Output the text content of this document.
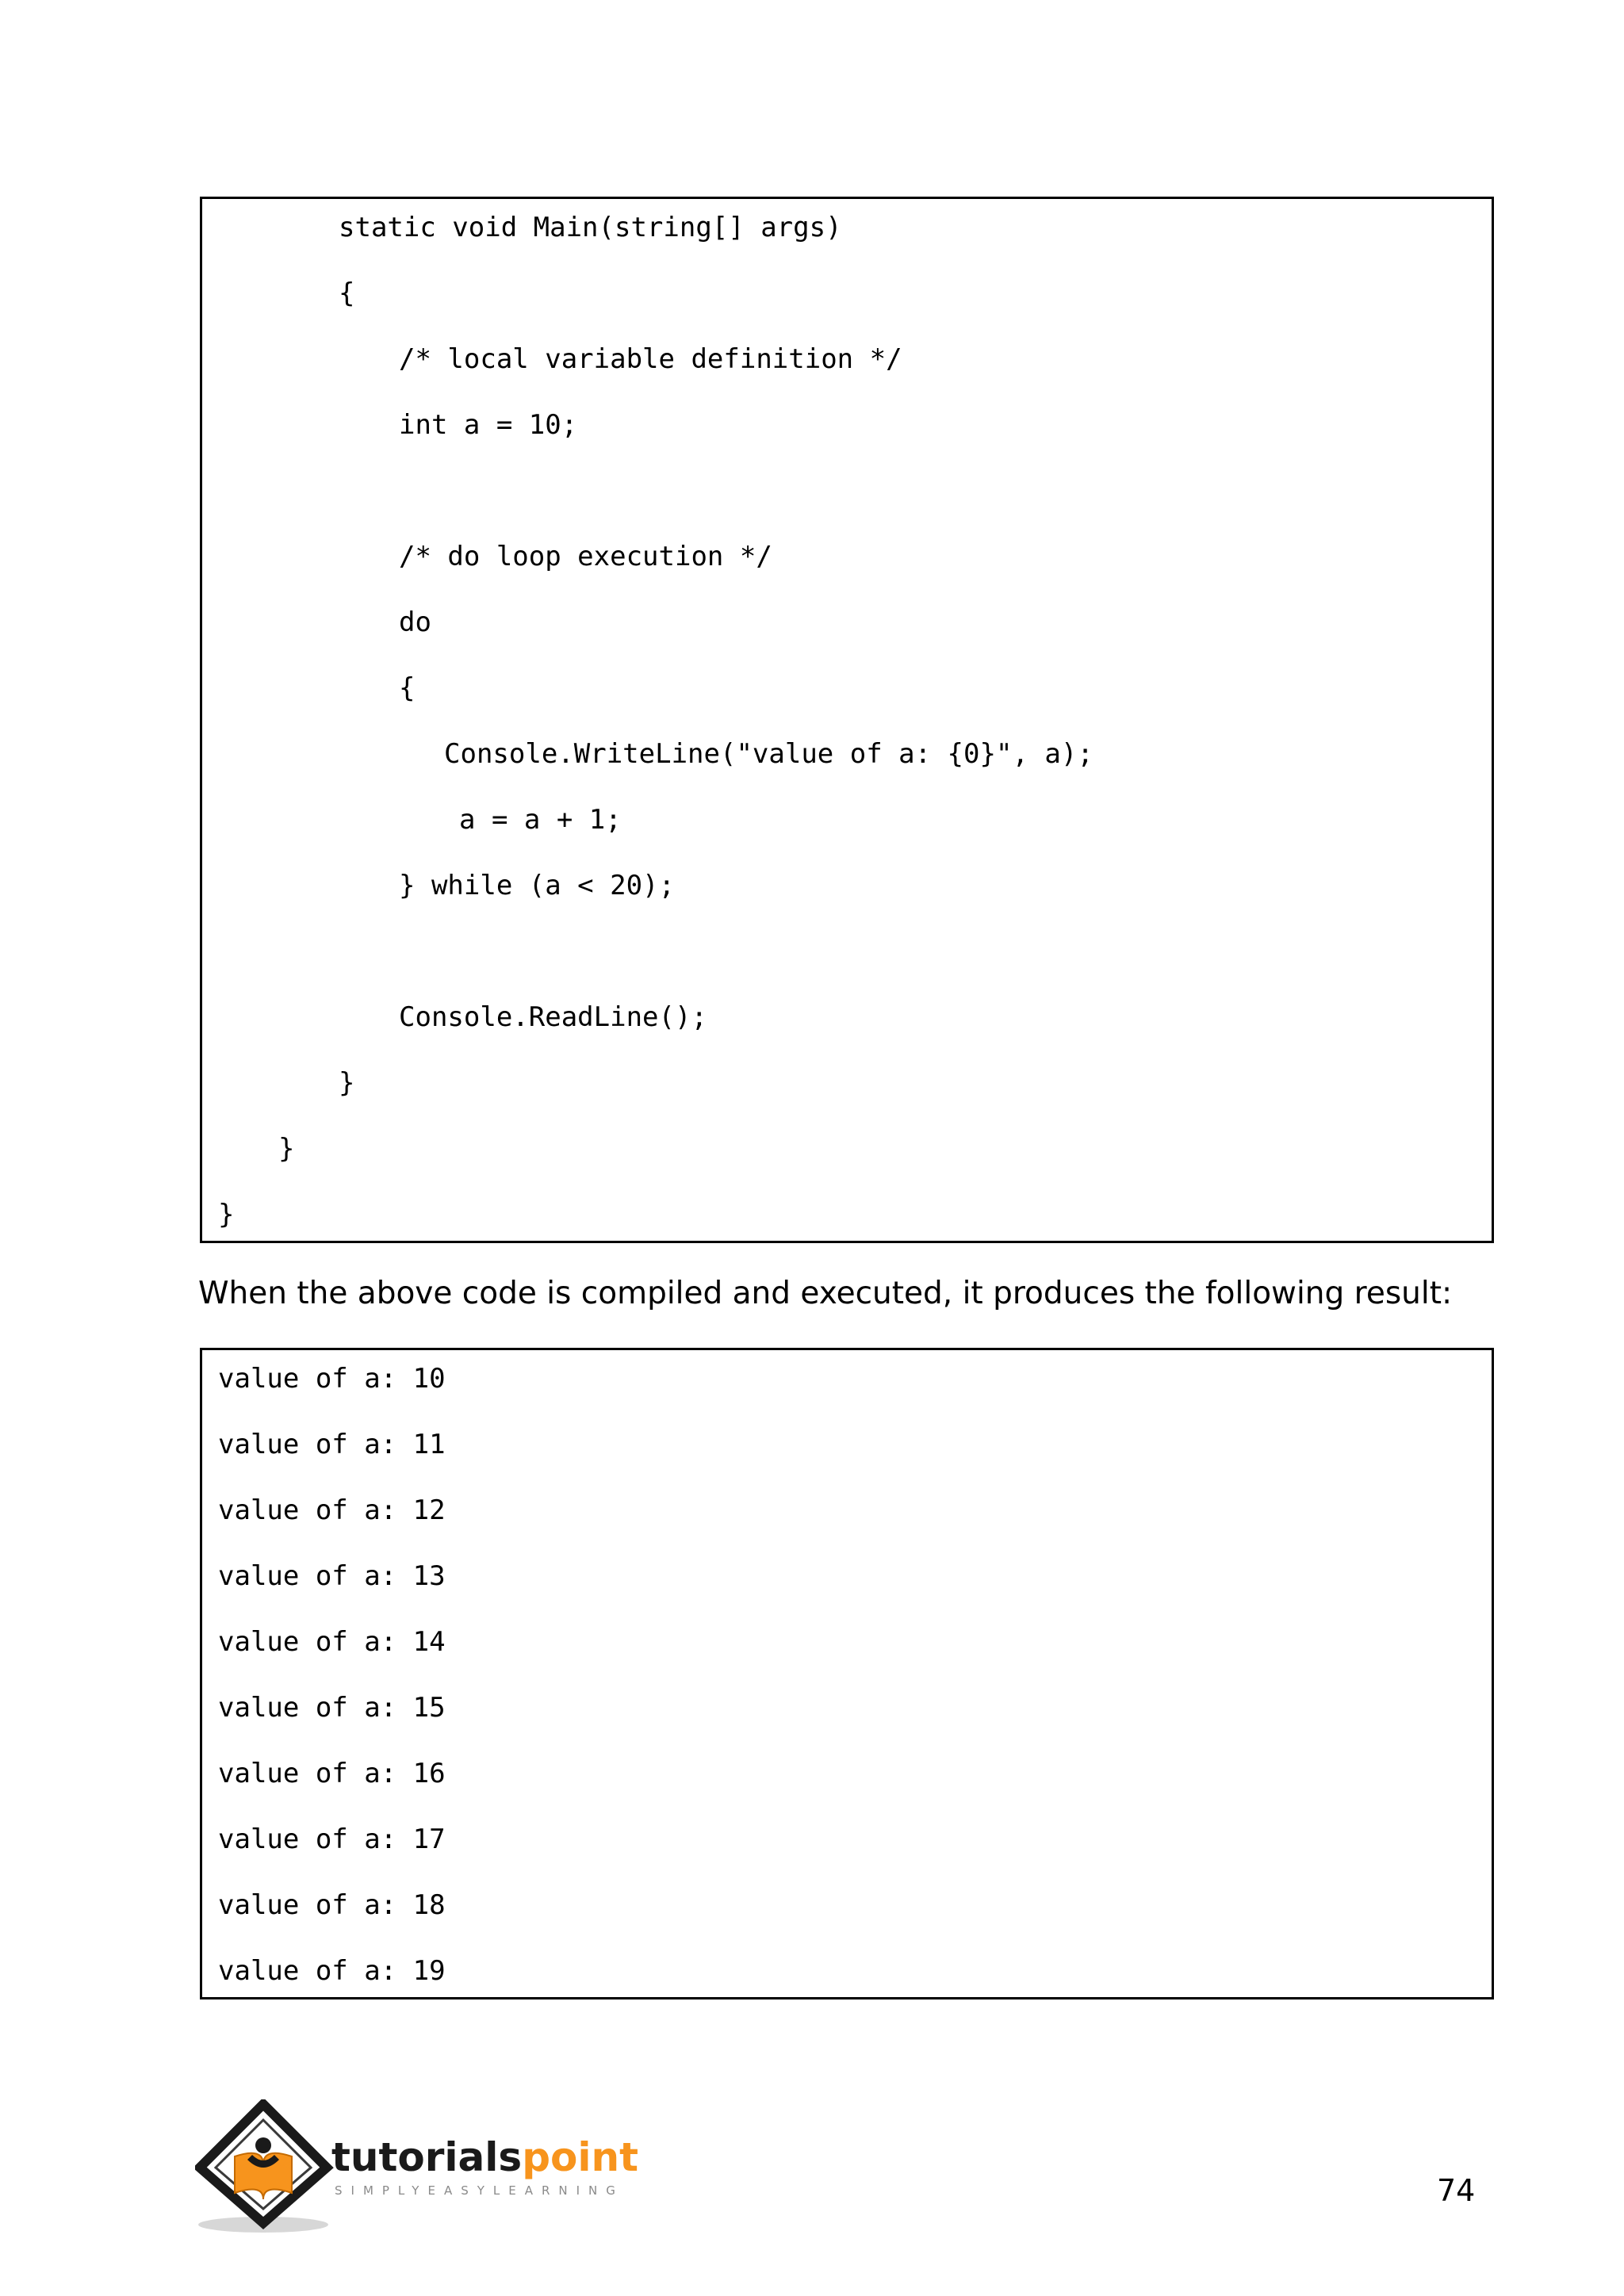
static void Main(string[] args)
{
/* local variable definition */
int a = 10;
/* do loop execution */
do
{
Console.WriteLine("value of a: {0}", a);
a = a + 1;
} while (a < 20);
Console.ReadLine();
}
}
}
When the above code is compiled and executed, it produces the following result:
value of a: 10
value of a: 11
value of a: 12
value of a: 13
value of a: 14
value of a: 15
value of a: 16
value of a: 17
value of a: 18
value of a: 19
tutorialspoint
SIMPLYEASYLEARNING	74
